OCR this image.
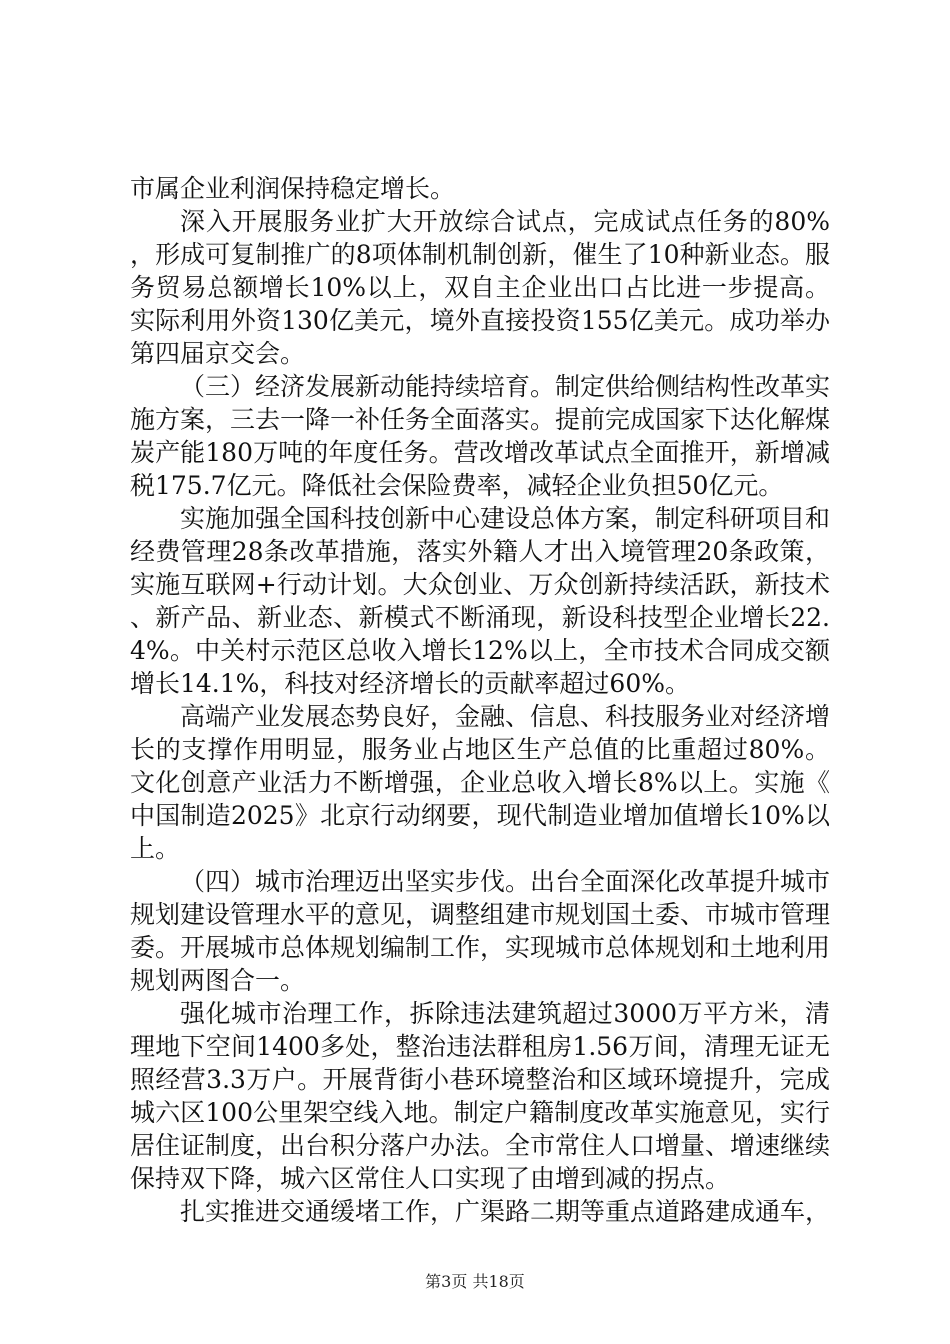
市属企业利润保持稳定增长。

深入开展服务业扩大开放综合试点，完成试点任务的80%，形成可复制推广的8项体制机制创新，催生了10种新业态。服务贸易总额增长10%以上，双自主企业出口占比进一步提高。实际利用外资130亿美元，境外直接投资155亿美元。成功举办第四届京交会。

（三）经济发展新动能持续培育。制定供给侧结构性改革实施方案，三去一降一补任务全面落实。提前完成国家下达化解煤炭产能180万吨的年度任务。营改增改革试点全面推开，新增减税175.7亿元。降低社会保险费率，减轻企业负担50亿元。

实施加强全国科技创新中心建设总体方案，制定科研项目和经费管理28条改革措施，落实外籍人才出入境管理20条政策，实施互联网+行动计划。大众创业、万众创新持续活跃，新技术、新产品、新业态、新模式不断涌现，新设科技型企业增长22.4%。中关村示范区总收入增长12%以上，全市技术合同成交额增长14.1%，科技对经济增长的贡献率超过60%。

高端产业发展态势良好，金融、信息、科技服务业对经济增长的支撑作用明显，服务业占地区生产总值的比重超过80%。文化创意产业活力不断增强，企业总收入增长8%以上。实施《中国制造2025》北京行动纲要，现代制造业增加值增长10%以上。

（四）城市治理迈出坚实步伐。出台全面深化改革提升城市规划建设管理水平的意见，调整组建市规划国土委、市城市管理委。开展城市总体规划编制工作，实现城市总体规划和土地利用规划两图合一。

强化城市治理工作，拆除违法建筑超过3000万平方米，清理地下空间1400多处，整治违法群租房1.56万间，清理无证无照经营3.3万户。开展背街小巷环境整治和区域环境提升，完成城六区100公里架空线入地。制定户籍制度改革实施意见，实行居住证制度，出台积分落户办法。全市常住人口增量、增速继续保持双下降，城六区常住人口实现了由增到减的拐点。

扎实推进交通缓堵工作，广渠路二期等重点道路建成通车，

第3页 共18页
